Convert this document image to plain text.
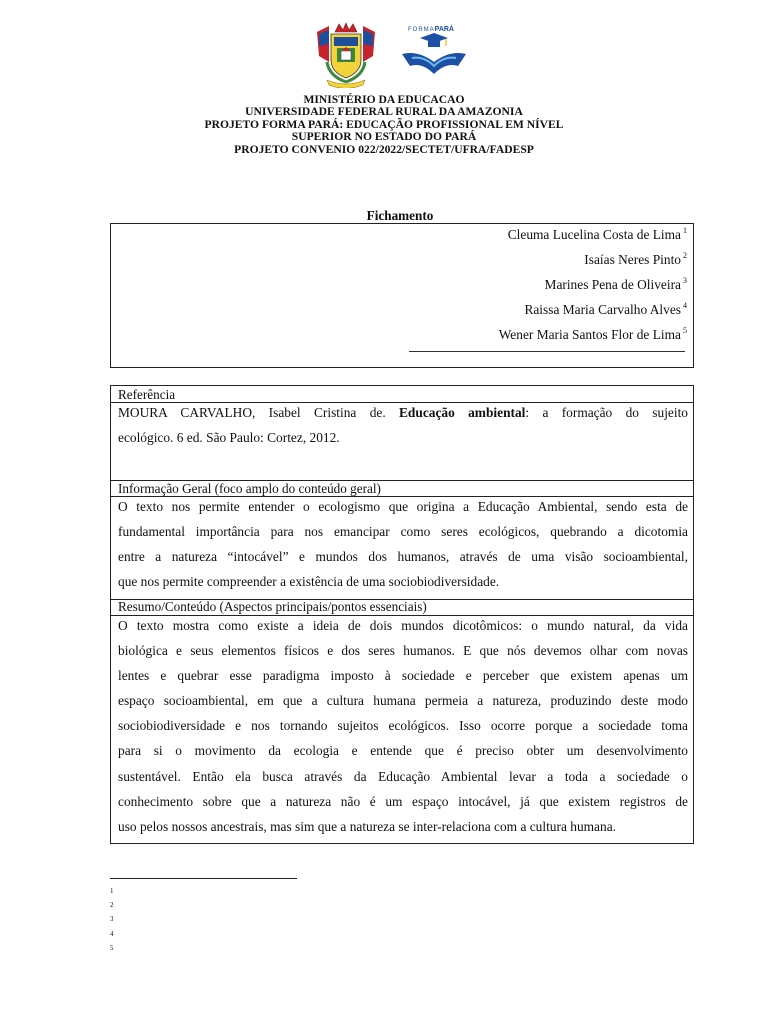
FORMAPARÁ
MINISTÉRIO DA EDUCACAO
UNIVERSIDADE FEDERAL RURAL DA AMAZONIA
PROJETO FORMA PARÁ: EDUCAÇÃO PROFISSIONAL EM NÍVEL
SUPERIOR NO ESTADO DO PARÁ
PROJETO CONVENIO 022/2022/SECTET/UFRA/FADESP
Fichamento
Cleuma Lucelina Costa de Lima $^1$
Isaías Neres Pinto $^2$
Marines Pena de Oliveira $^3$
Raissa Maria Carvalho Alves $^4$
Wener Maria Santos Flor de Lima $^5$
Referência
MOURA CARVALHO, Isabel Cristina de. Educação ambiental: a formação do sujeito
ecológico. 6 ed. São Paulo: Cortez, 2012.
Informação Geral (foco amplo do conteúdo geral)
O texto nos permite entender o ecologismo que origina a Educação Ambiental, sendo esta de
fundamental importância para nos emancipar como seres ecológicos, quebrando a dicotomia
entre a natureza “intocável” e mundos dos humanos, através de uma visão socioambiental,
que nos permite compreender a existência de uma sociobiodiversidade.
Resumo/Conteúdo (Aspectos principais/pontos essenciais)
O texto mostra como existe a ideia de dois mundos dicotômicos: o mundo natural, da vida
biológica e seus elementos físicos e dos seres humanos. E que nós devemos olhar com novas
lentes e quebrar esse paradigma imposto à sociedade e perceber que existem apenas um
espaço socioambiental, em que a cultura humana permeia a natureza, produzindo deste modo
sociobiodiversidade e nos tornando sujeitos ecológicos. Isso ocorre porque a sociedade toma
para si o movimento da ecologia e entende que é preciso obter um desenvolvimento
sustentável. Então ela busca através da Educação Ambiental levar a toda a sociedade o
conhecimento sobre que a natureza não é um espaço intocável, já que existem registros de
uso pelos nossos ancestrais, mas sim que a natureza se inter-relaciona com a cultura humana.
1
2
3
4
5
